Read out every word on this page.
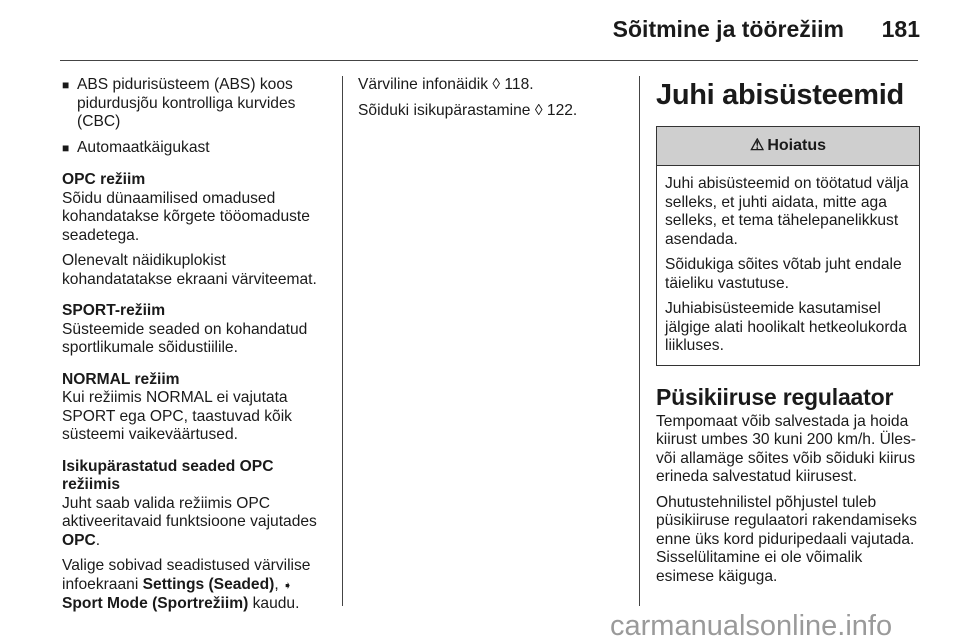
Sõitmine ja töörežiim	181
■ ABS pidurisüsteem (ABS) koos pidurdusjõu kontrolliga kurvides (CBC)
■ Automaatkäigukast

OPC režiim

Sõidu dünaamilised omadused kohandatakse kõrgete tööomaduste seadetega.

Olenevalt näidikuplokist kohandatatakse ekraani värviteemat.

SPORT-režiim

Süsteemide seaded on kohandatud sportlikumale sõidustiilile.

NORMAL režiim

Kui režiimis NORMAL ei vajutata SPORT ega OPC, taastuvad kõik süsteemi vaikeväärtused.

Isikupärastatud seaded OPC režiimis

Juht saab valida režiimis OPC aktiveeritavaid funktsioone vajutades OPC.

Valige sobivad seadistused värvilise infoekraani Settings (Seaded), ➧ Sport Mode (Sportrežiim) kaudu.

Värviline infonäidik ◊ 118.

Sõiduki isikupärastamine ◊ 122.	Juhi abisüsteemid
⚠ Hoiatus

Juhi abisüsteemid on töötatud välja selleks, et juhti aidata, mitte aga selleks, et tema tähelepanelikkust asendada.

Sõidukiga sõites võtab juht endale täieliku vastutuse.

Juhiabisüsteemide kasutamisel jälgige alati hoolikalt hetkeolukorda liikluses.

Püsikiiruse regulaator

Tempomaat võib salvestada ja hoida kiirust umbes 30 kuni 200 km/h. Üles- või allamäge sõites võib sõiduki kiirus erineda salvestatud kiirusest.

Ohutustehnilistel põhjustel tuleb püsikiiruse regulaatori rakendamiseks enne üks kord piduripedaali vajutada.

Sisselülitamine ei ole võimalik esimese käiguga.

carmanualsonline.info
